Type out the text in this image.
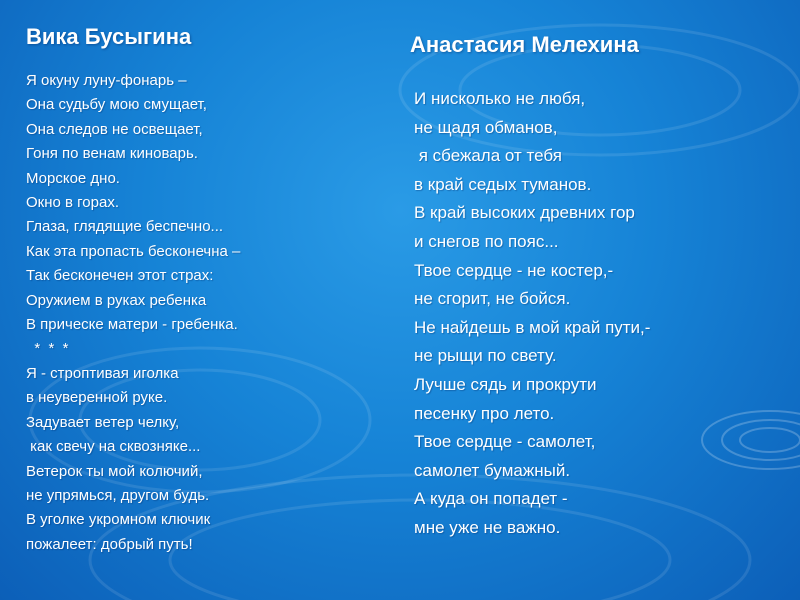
Вика Бусыгина
Я окуну луну-фонарь –
Она судьбу мою смущает,
Она следов не освещает,
Гоня по венам киноварь.
Морское дно.
Окно в горах.
Глаза, глядящие беспечно...
Как эта пропасть бесконечна –
Так бесконечен этот страх:
Оружием в руках ребенка
В прическе матери - гребенка.
*  *  *
Я - строптивая иголка
в неуверенной руке.
Задувает ветер челку,
как свечу на сквозняке...
Ветерок ты мой колючий,
не упрямься, другом будь.
В уголке укромном ключик
пожалеет: добрый путь!
Анастасия Мелехина
И нисколько не любя,
не щадя обманов,
я сбежала от тебя
в край седых туманов.
В край высоких древних гор
и снегов по пояс...
Твое сердце - не костер,-
не сгорит, не бойся.
Не найдешь в мой край пути,-
не рыщи по свету.
Лучше сядь и прокрути
песенку про лето.
Твое сердце - самолет,
самолет бумажный.
А куда он попадет -
мне уже не важно.
